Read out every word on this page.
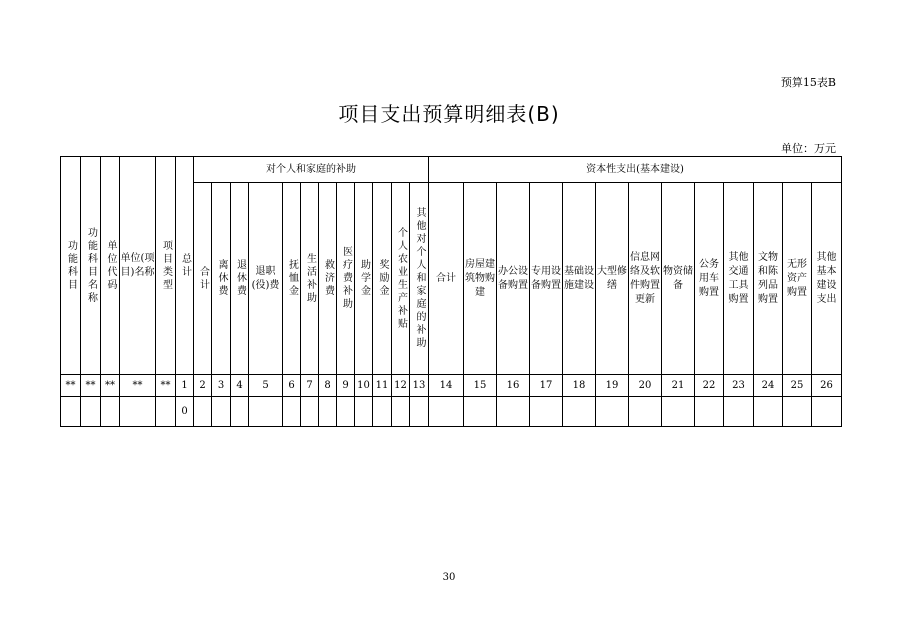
预算15表B
项目支出预算明细表(B)
单位：万元
功能科目	功能科目名称	单位代码	单位(项目)名称	项目类型	总计	对个人和家庭的补助												资本性支出(基本建设)												
						合计	离休费	退休费	退职(役)费	抚恤金	生活补助	救济费	医疗费补助	助学金	奖励金	个人农业生产补贴	其他对个人和家庭的补助	合计	房屋建筑物购建	办公设备购置	专用设备购置	基础设施建设	大型修缮	信息网络及软件购置更新	物资储备	公务用车购置	其他交通工具购置	文物和陈列品购置	无形资产购置	其他基本建设支出
**	**	**	**	**	1	2	3	4	5	6	7	8	9	10	11	12	13	14	15	16	17	18	19	20	21	22	23	24	25	26
					0																									
30
